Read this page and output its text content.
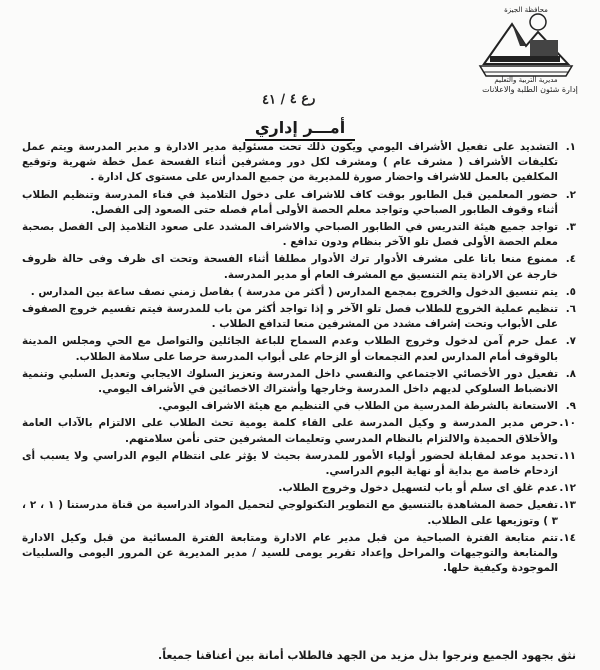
محافظة الجيزة
مديرية التربية والتعليم
إدارة شئون الطلبة والاعلانات
رع ٤ / ٤١
أمـــر إداري
١.
التشديد على تفعيل الأشراف اليومي ويكون ذلك تحت مسئولية مدير الادارة و مدير المدرسة ويتم عمل تكليفات الأشراف ( مشرف عام ) ومشرف لكل دور ومشرفين أثناء الفسحة عمل خطة شهرية وتوقيع المكلفين بالعمل للاشراف واحضار صورة للمديرية من جميع المدارس على مستوى كل ادارة .
٢.
حضور المعلمين قبل الطابور بوقت كاف للاشراف على دخول التلاميذ في فناء المدرسة وتنظيم الطلاب أثناء وقوف الطابور الصباحي وتواجد معلم الحصة الأولى أمام فصله حتى الصعود إلى الفصل.
٣.
تواجد جميع هيئة التدريس في الطابور الصباحي والاشراف المشدد على صعود التلاميذ إلى الفصل بصحبة معلم الحصة الأولى فصل تلو الآخر بنظام ودون تدافع .
٤.
ممنوع منعا باتا على مشرف الأدوار ترك الأدوار مطلقا أثناء الفسحة وتحت اى ظرف وفى حالة ظروف خارجة عن الارادة يتم التنسيق مع المشرف العام أو مدير المدرسة.
٥.
يتم تنسيق الدخول والخروج بمجمع المدارس ( أكثر من مدرسة ) بفاصل زمني نصف ساعة بين المدارس .
٦.
تنظيم عملية الخروج للطلاب فصل تلو الآخر و إذا تواجد أكثر من باب للمدرسة فيتم تقسيم خروج الصفوف على الأبواب وتحت إشراف مشدد من المشرفين منعا لتدافع الطلاب .
٧.
عمل حرم آمن لدخول وخروج الطلاب وعدم السماح للباعة الجائلين والتواصل مع الحي ومجلس المدينة بالوقوف أمام المدارس لعدم التجمعات أو الزحام على أبواب المدرسة حرصا على سلامة الطلاب.
٨.
تفعيل دور الأخصائي الاجتماعي والنفسي داخل المدرسة وتعزيز السلوك الايجابي وتعديل السلبي وتنمية الانضباط السلوكي لديهم داخل المدرسة وخارجها وأشتراك الاخصائين في الأشراف اليومي.
٩.
الاستعانة بالشرطة المدرسية من الطلاب في التنظيم مع هيئة الاشراف اليومي.
١٠.
حرص مدير المدرسة و وكيل المدرسة على القاء كلمة يومية تحث الطلاب على الالتزام بالآداب العامة والأخلاق الحميدة والالتزام بالنظام المدرسي وتعليمات المشرفين حتى نأمن سلامتهم.
١١.
تحديد موعد لمقابلة لحضور أولياء الأمور للمدرسة بحيث لا يؤثر على انتظام اليوم الدراسي ولا يسبب أى ازدحام خاصة مع بداية أو نهاية اليوم الدراسي.
١٢.
عدم غلق اى سلم أو باب لتسهيل دخول وخروج الطلاب.
١٣.
تفعيل حصة المشاهدة بالتنسيق مع التطوير التكنولوجي لتحميل المواد الدراسية من قناة مدرستنا ( ١ ، ٢ ، ٣ ) وتوزيعها على الطلاب.
١٤.
تتم متابعة الفترة الصباحية من قبل مدير عام الادارة ومتابعة الفترة المسائية من قبل وكيل الادارة والمتابعة والتوجيهات والمراحل وإعداد تقرير يومى للسيد / مدير المديرية عن المرور اليومى والسلبيات الموجودة وكيفية حلها.
نثق بجهود الجميع ونرجوا بذل مزيد من الجهد فالطلاب أمانة بين أعناقنا جميعاً.
